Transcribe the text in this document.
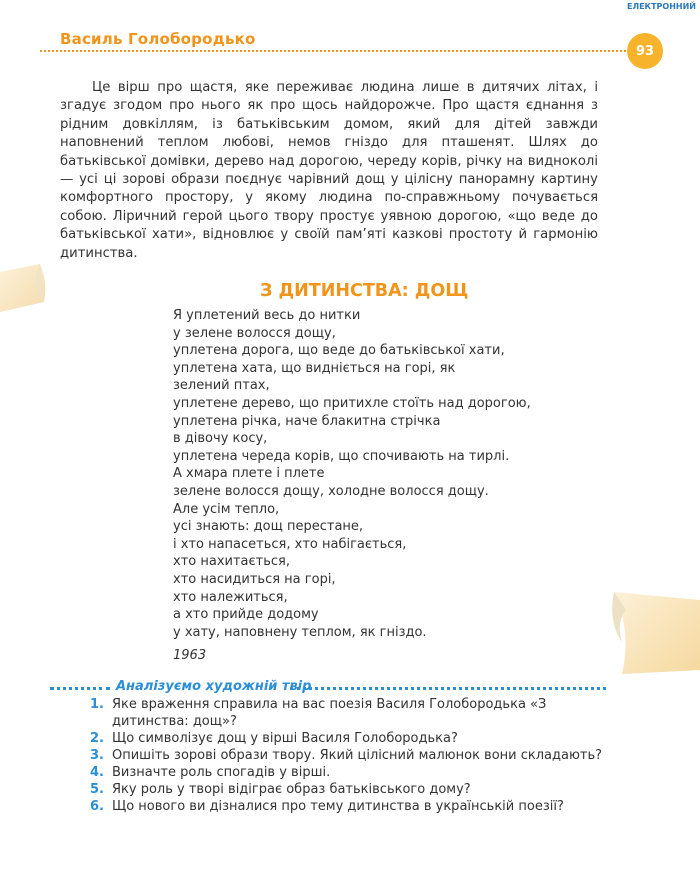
ЕЛЕКТРОННИЙ
Василь Голобородько
93

Це вірш про щастя, яке переживає людина лише в дитячих літах, і згадує згодом про нього як про щось найдорожче. Про щастя єднання з рідним довкіллям, із батьківським домом, який для дітей завжди наповнений теплом любові, немов гніздо для пташенят. Шлях до батьківської домівки, дерево над дорогою, череду корів, річку на видноколі — усі ці зорові образи поєднує чарівний дощ у цілісну панорамну картину комфортного простору, у якому людина по-справжньому почувається собою. Ліричний герой цього твору простує уявною дорогою, «що веде до батьківської хати», відновлює у своїй пам’яті казкові простоту й гармонію дитинства.

З ДИТИНСТВА: ДОЩ
Я уплетений весь до нитки
у зелене волосся дощу,
уплетена дорога, що веде до батьківської хати,
уплетена хата, що видніється на горі, як
зелений птах,
уплетене дерево, що притихле стоїть над дорогою,
уплетена річка, наче блакитна стрічка
в дівочу косу,
уплетена череда корів, що спочивають на тирлі.
А хмара плете і плете
зелене волосся дощу, холодне волосся дощу.
Але усім тепло,
усі знають: дощ перестане,
і хто напасеться, хто набігається,
хто нахитається,
хто насидиться на горі,
хто належиться,
а хто прийде додому
у хату, наповнену теплом, як гніздо.
1963
Аналізуємо художній твір
1. Яке враження справила на вас поезія Василя Голобородька «З дитинства: дощ»?
2. Що символізує дощ у вірші Василя Голобородька?
3. Опишіть зорові образи твору. Який цілісний малюнок вони складають?
4. Визначте роль спогадів у вірші.
5. Яку роль у творі відіграє образ батьківського дому?
6. Що нового ви дізналися про тему дитинства в українській поезії?
